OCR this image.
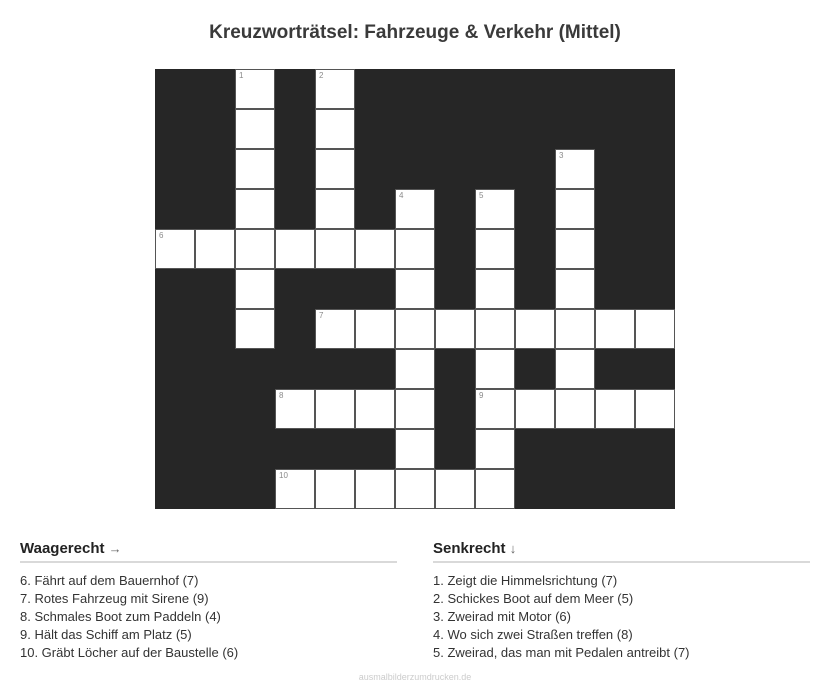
Kreuzworträtsel: Fahrzeuge & Verkehr (Mittel)
1	2
3
4	5
6
7
8	9
10
Waagerecht →
6. Fährt auf dem Bauernhof (7)
7. Rotes Fahrzeug mit Sirene (9)
8. Schmales Boot zum Paddeln (4)
9. Hält das Schiff am Platz (5)
10. Gräbt Löcher auf der Baustelle (6)
Senkrecht ↓
1. Zeigt die Himmelsrichtung (7)
2. Schickes Boot auf dem Meer (5)
3. Zweirad mit Motor (6)
4. Wo sich zwei Straßen treffen (8)
5. Zweirad, das man mit Pedalen antreibt (7)
ausmalbilderzumdrucken.de
